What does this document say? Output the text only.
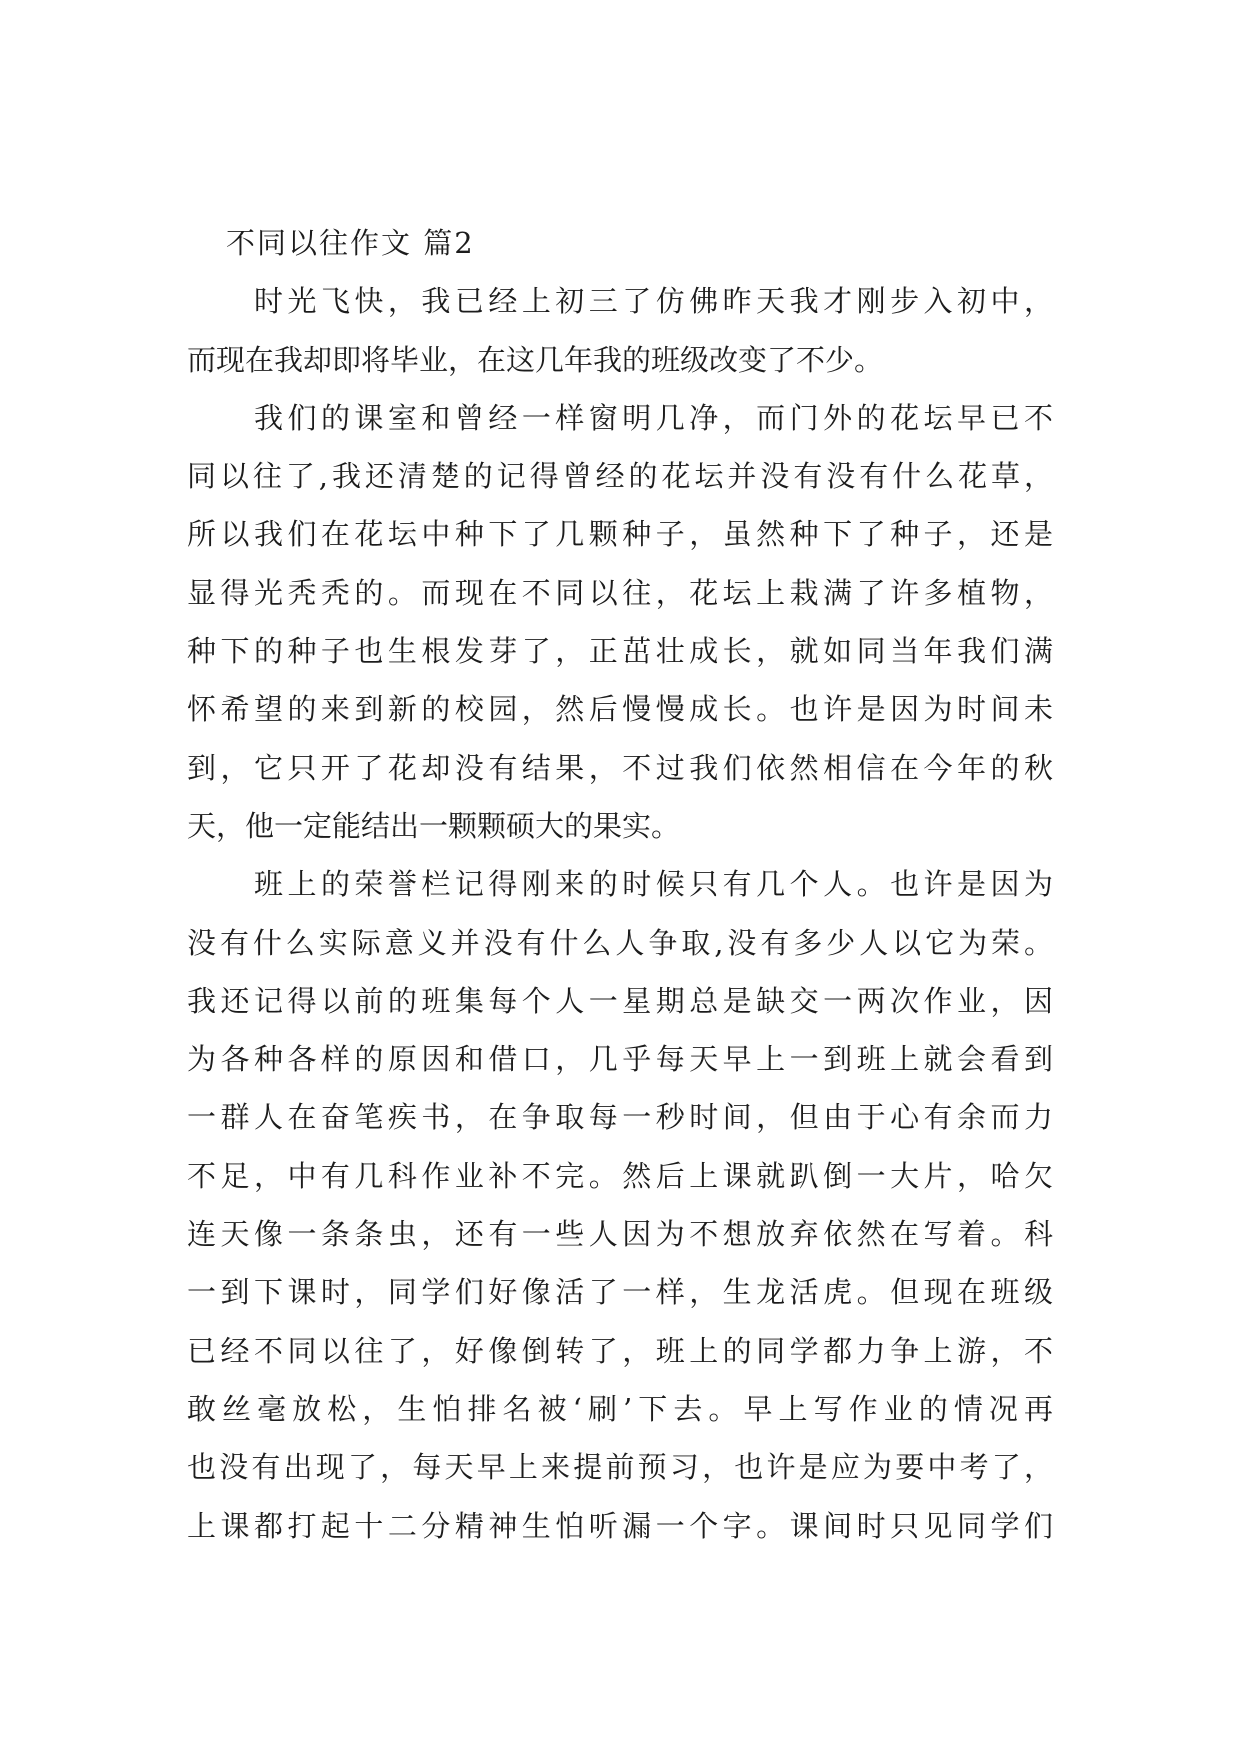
不同以往作文 篇2
时光飞快，我已经上初三了仿佛昨天我才刚步入初中，
而现在我却即将毕业，在这几年我的班级改变了不少。
我们的课室和曾经一样窗明几净，而门外的花坛早已不
同以往了,我还清楚的记得曾经的花坛并没有没有什么花草，
所以我们在花坛中种下了几颗种子，虽然种下了种子，还是
显得光秃秃的。而现在不同以往，花坛上栽满了许多植物，
种下的种子也生根发芽了，正茁壮成长，就如同当年我们满
怀希望的来到新的校园，然后慢慢成长。也许是因为时间未
到，它只开了花却没有结果，不过我们依然相信在今年的秋
天，他一定能结出一颗颗硕大的果实。
班上的荣誉栏记得刚来的时候只有几个人。也许是因为
没有什么实际意义并没有什么人争取,没有多少人以它为荣。
我还记得以前的班集每个人一星期总是缺交一两次作业，因
为各种各样的原因和借口，几乎每天早上一到班上就会看到
一群人在奋笔疾书，在争取每一秒时间，但由于心有余而力
不足，中有几科作业补不完。然后上课就趴倒一大片，哈欠
连天像一条条虫，还有一些人因为不想放弃依然在写着。科
一到下课时，同学们好像活了一样，生龙活虎。但现在班级
已经不同以往了，好像倒转了，班上的同学都力争上游，不
敢丝毫放松，生怕排名被‘刷’下去。早上写作业的情况再
也没有出现了，每天早上来提前预习，也许是应为要中考了，
上课都打起十二分精神生怕听漏一个字。课间时只见同学们
